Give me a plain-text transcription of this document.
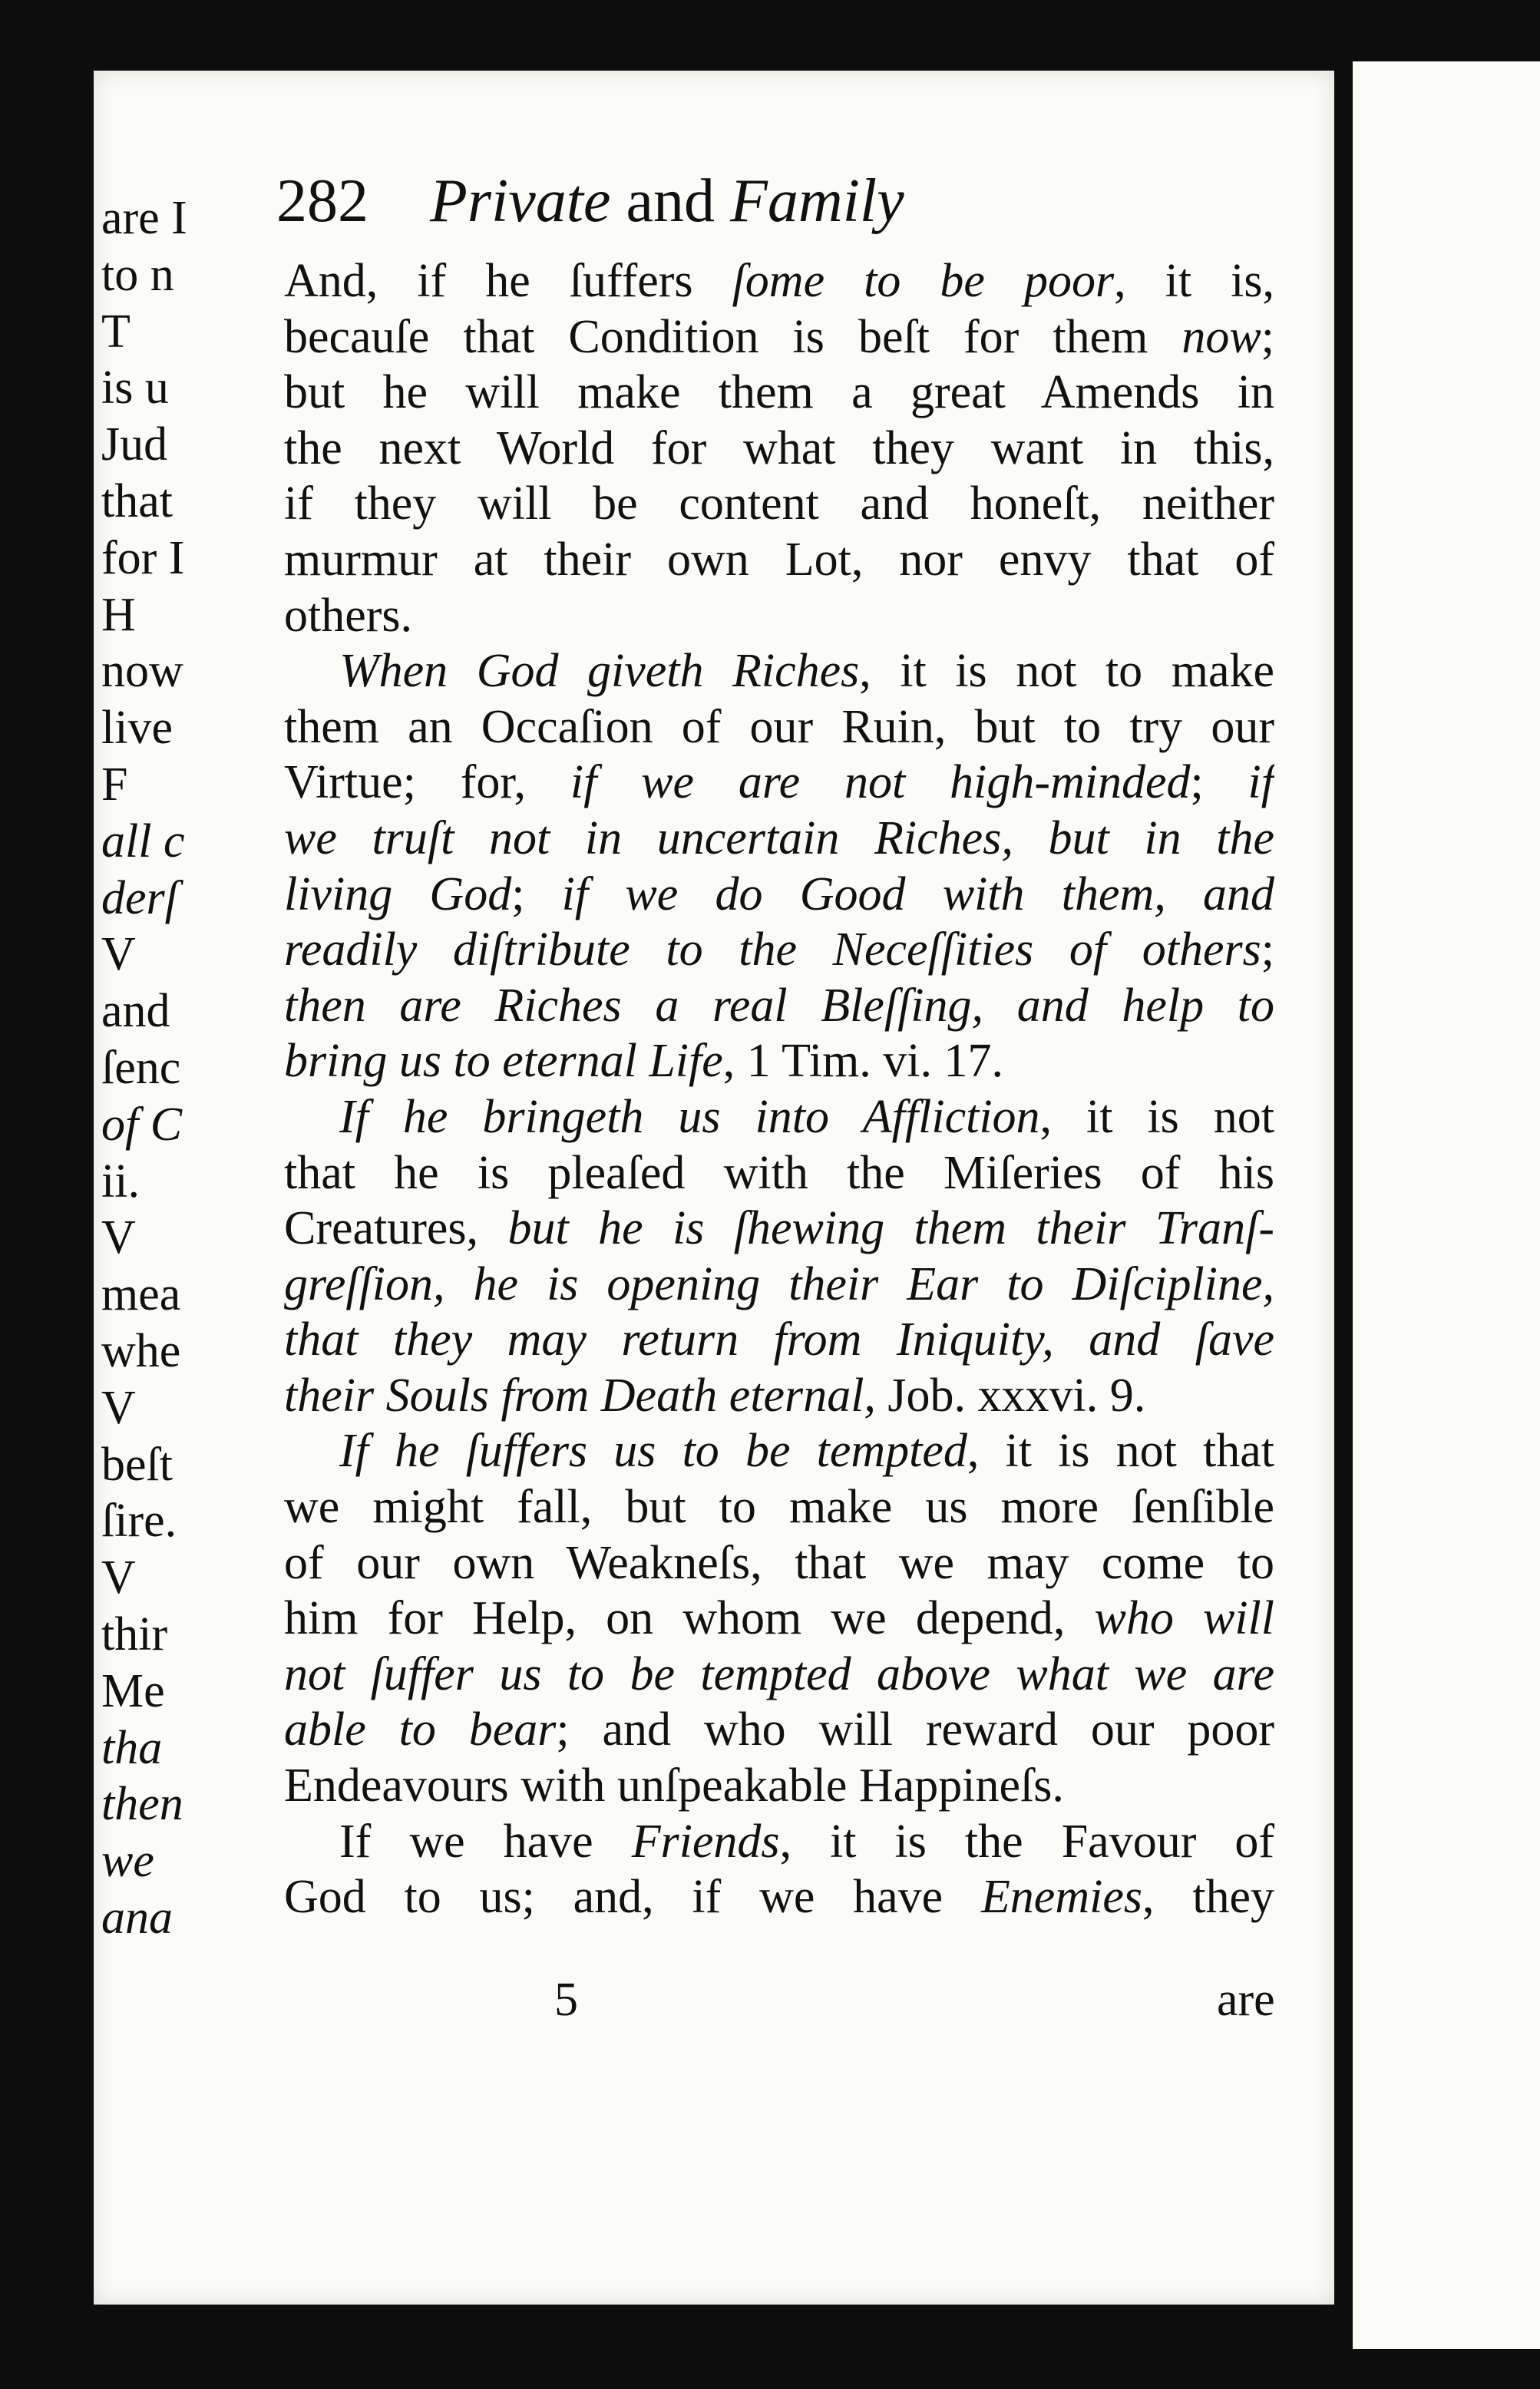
282 Private and Family
And, if he ſuffers ſome to be poor, it is,
becauſe that Condition is beſt for them now;
but he will make them a great Amends in
the next World for what they want in this,
if they will be content and honeſt, neither
murmur at their own Lot, nor envy that of
others.
When God giveth Riches, it is not to make
them an Occaſion of our Ruin, but to try our
Virtue; for, if we are not high-minded; if
we truſt not in uncertain Riches, but in the
living God; if we do Good with them, and
readily diſtribute to the Neceſſities of others;
then are Riches a real Bleſſing, and help to
bring us to eternal Life, 1 Tim. vi. 17.
If he bringeth us into Affliction, it is not
that he is pleaſed with the Miſeries of his
Creatures, but he is ſhewing them their Tranſ-
greſſion, he is opening their Ear to Diſcipline,
that they may return from Iniquity, and ſave
their Souls from Death eternal, Job. xxxvi. 9.
If he ſuffers us to be tempted, it is not that
we might fall, but to make us more ſenſible
of our own Weakneſs, that we may come to
him for Help, on whom we depend, who will
not ſuffer us to be tempted above what we are
able to bear; and who will reward our poor
Endeavours with unſpeakable Happineſs.
If we have Friends, it is the Favour of
God to us; and, if we have Enemies, they
5	are
are I
to n
T
is u
Jud
that
for I
H
now
live
F
all c
derſ
V
and
ſenc
of C
ii.
V
mea
whe
V
beſt
ſire.
V
thir
Me
tha
then
we
ana
